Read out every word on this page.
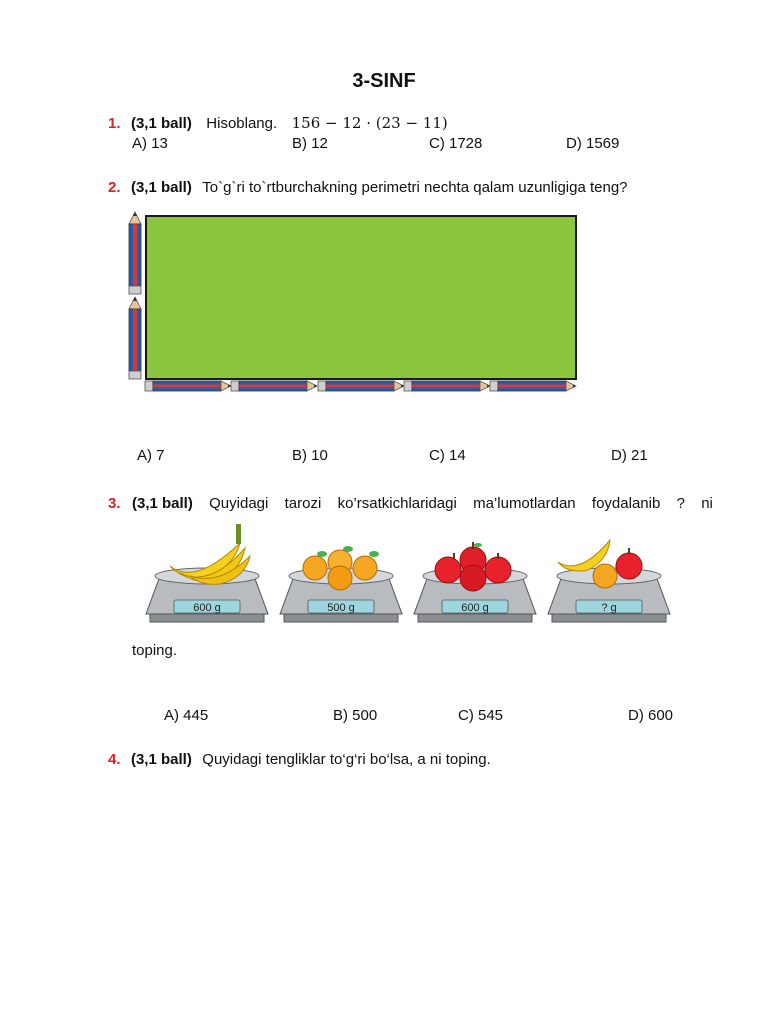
3-SINF
1. (3,1 ball) Hisoblang. 156 − 12 · (23 − 11)
A) 13	B) 12	C) 1728	D) 1569
2. (3,1 ball) To`g`ri to`rtburchakning perimetri nechta qalam uzunligiga teng?
A) 7	B) 10	C) 14	D) 21
3. (3,1 ball) Quyidagi tarozi ko’rsatkichlaridagi ma’lumotlardan foydalanib ? ni
600 g	500 g	600 g	? g
toping.
A) 445	B) 500	C) 545	D) 600
4. (3,1 ball) Quyidagi tengliklar to‘g‘ri bo‘lsa, a ni toping.
